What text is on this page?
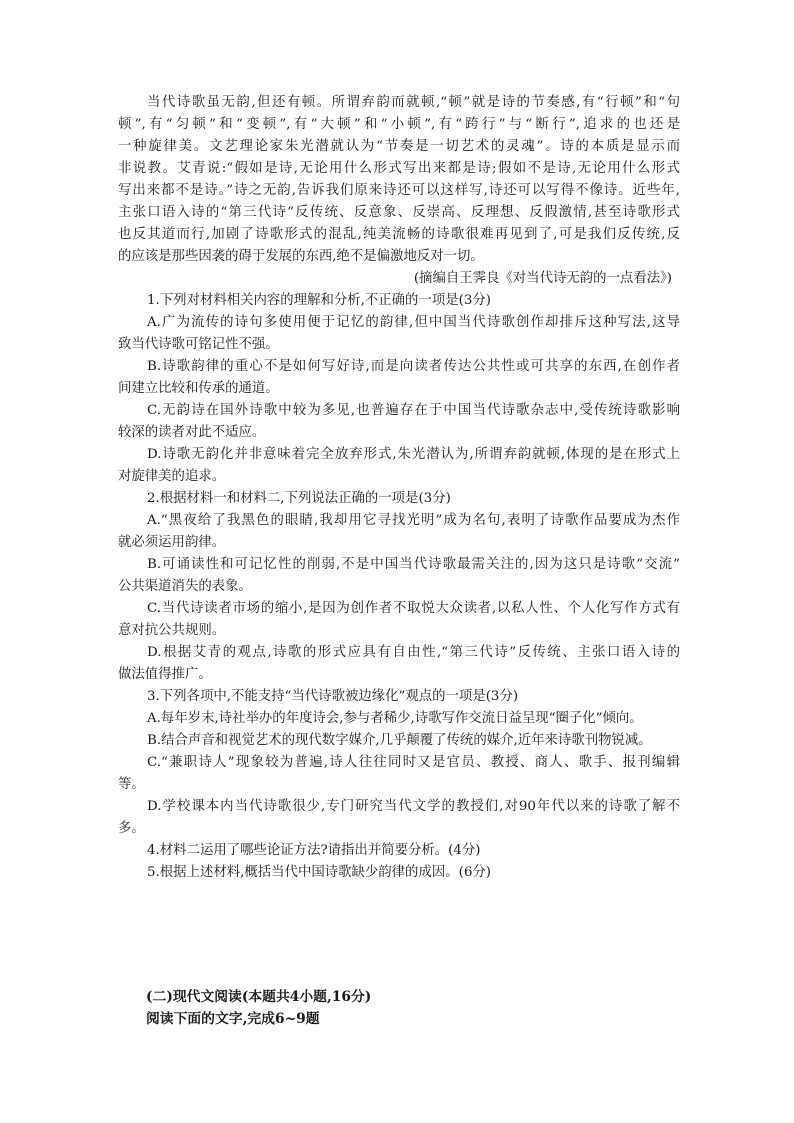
当代诗歌虽无韵,但还有顿。所谓弃韵而就顿,“顿”就是诗的节奏感,有“行顿”和“句
顿”,有“匀顿”和“变顿”,有“大顿”和“小顿”,有“跨行”与“断行”,追求的也还是
一种旋律美。文艺理论家朱光潜就认为“节奏是一切艺术的灵魂”。诗的本质是显示而
非说教。艾青说:“假如是诗,无论用什么形式写出来都是诗;假如不是诗,无论用什么形式
写出来都不是诗。”诗之无韵,告诉我们原来诗还可以这样写,诗还可以写得不像诗。近些年,
主张口语入诗的“第三代诗”反传统、反意象、反崇高、反理想、反假激情,甚至诗歌形式
也反其道而行,加剧了诗歌形式的混乱,纯美流畅的诗歌很难再见到了,可是我们反传统,反
的应该是那些因袭的碍于发展的东西,绝不是偏激地反对一切。
(摘编自王霁良《对当代诗无韵的一点看法》)
1.下列对材料相关内容的理解和分析,不正确的一项是(3分)
A.广为流传的诗句多使用便于记忆的韵律,但中国当代诗歌创作却排斥这种写法,这导
致当代诗歌可铭记性不强。
B.诗歌韵律的重心不是如何写好诗,而是向读者传达公共性或可共享的东西,在创作者
间建立比较和传承的通道。
C.无韵诗在国外诗歌中较为多见,也普遍存在于中国当代诗歌杂志中,受传统诗歌影响
较深的读者对此不适应。
D.诗歌无韵化并非意味着完全放弃形式,朱光潜认为,所谓弃韵就顿,体现的是在形式上
对旋律美的追求。
2.根据材料一和材料二,下列说法正确的一项是(3分)
A.“黑夜给了我黑色的眼睛,我却用它寻找光明”成为名句,表明了诗歌作品要成为杰作
就必须运用韵律。
B.可诵读性和可记忆性的削弱,不是中国当代诗歌最需关注的,因为这只是诗歌“交流”
公共渠道消失的表象。
C.当代诗读者市场的缩小,是因为创作者不取悦大众读者,以私人性、个人化写作方式有
意对抗公共规则。
D.根据艾青的观点,诗歌的形式应具有自由性,“第三代诗”反传统、主张口语入诗的
做法值得推广。
3.下列各项中,不能支持“当代诗歌被边缘化”观点的一项是(3分)
A.每年岁末,诗社举办的年度诗会,参与者稀少,诗歌写作交流日益呈现“圈子化”倾向。
B.结合声音和视觉艺术的现代数字媒介,几乎颠覆了传统的媒介,近年来诗歌刊物锐减。
C.“兼职诗人”现象较为普遍,诗人往往同时又是官员、教授、商人、歌手、报刊编辑
等。
D.学校课本内当代诗歌很少,专门研究当代文学的教授们,对90年代以来的诗歌了解不
多。
4.材料二运用了哪些论证方法?请指出并简要分析。(4分)
5.根据上述材料,概括当代中国诗歌缺少韵律的成因。(6分)
(二)现代文阅读(本题共4小题,16分)
阅读下面的文字,完成6~9题
